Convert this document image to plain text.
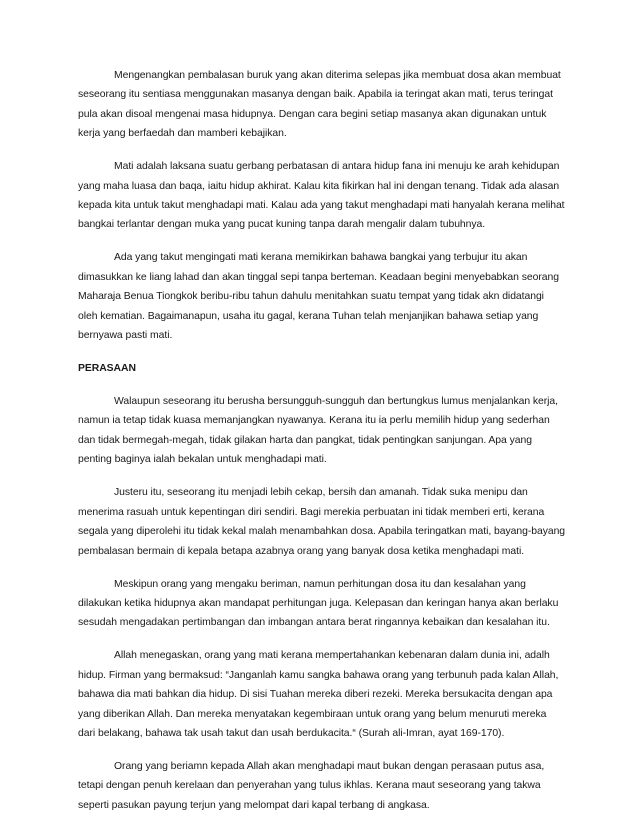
Mengenangkan pembalasan buruk yang akan diterima selepas jika membuat dosa akan membuat seseorang itu sentiasa menggunakan masanya dengan baik. Apabila ia teringat akan mati, terus teringat pula akan disoal mengenai masa hidupnya. Dengan cara begini setiap masanya akan digunakan untuk kerja yang berfaedah dan mamberi kebajikan.

Mati adalah laksana suatu gerbang perbatasan di antara hidup fana ini menuju ke arah kehidupan yang maha luasa dan baqa, iaitu hidup akhirat. Kalau kita fikirkan hal ini dengan tenang. Tidak ada alasan kepada kita untuk takut menghadapi mati. Kalau ada yang takut menghadapi mati hanyalah kerana melihat bangkai terlantar dengan muka yang pucat kuning tanpa darah mengalir dalam tubuhnya.

Ada yang takut mengingati mati kerana memikirkan bahawa bangkai yang terbujur itu akan dimasukkan ke liang lahad dan akan tinggal sepi tanpa berteman. Keadaan begini menyebabkan seorang Maharaja Benua Tiongkok beribu-ribu tahun dahulu menitahkan suatu tempat yang tidak akn didatangi oleh kematian. Bagaimanapun, usaha itu gagal, kerana Tuhan telah menjanjikan bahawa setiap yang bernyawa pasti mati.

PERASAAN

Walaupun seseorang itu berusha bersungguh-sungguh dan bertungkus lumus menjalankan kerja, namun ia tetap tidak kuasa memanjangkan nyawanya. Kerana itu ia perlu memilih hidup yang sederhan dan tidak bermegah-megah, tidak gilakan harta dan pangkat, tidak pentingkan sanjungan. Apa yang penting baginya ialah bekalan untuk menghadapi mati.

Justeru itu, seseorang itu menjadi lebih cekap, bersih dan amanah. Tidak suka menipu dan menerima rasuah untuk kepentingan diri sendiri. Bagi merekia perbuatan ini tidak memberi erti, kerana segala yang diperolehi itu tidak kekal malah menambahkan dosa. Apabila teringatkan mati, bayang-bayang pembalasan bermain di kepala betapa azabnya orang yang banyak dosa ketika menghadapi mati.

Meskipun orang yang mengaku beriman, namun perhitungan dosa itu dan kesalahan yang dilakukan ketika hidupnya akan mandapat perhitungan juga. Kelepasan dan keringan hanya akan berlaku sesudah mengadakan pertimbangan dan imbangan antara berat ringannya kebaikan dan kesalahan itu.

Allah menegaskan, orang yang mati kerana mempertahankan kebenaran dalam dunia ini, adalh hidup. Firman yang bermaksud: “Janganlah kamu sangka bahawa orang yang terbunuh pada kalan Allah, bahawa dia mati bahkan dia hidup. Di sisi Tuahan mereka diberi rezeki. Mereka bersukacita dengan apa yang diberikan Allah. Dan mereka menyatakan kegembiraan untuk orang yang belum menuruti mereka dari belakang, bahawa tak usah takut dan usah berdukacita.“ (Surah ali-Imran, ayat 169-170).

Orang yang beriamn kepada Allah akan menghadapi maut bukan dengan perasaan putus asa, tetapi dengan penuh kerelaan dan penyerahan yang tulus ikhlas. Kerana maut seseorang yang takwa seperti pasukan payung terjun yang melompat dari kapal terbang di angkasa.
